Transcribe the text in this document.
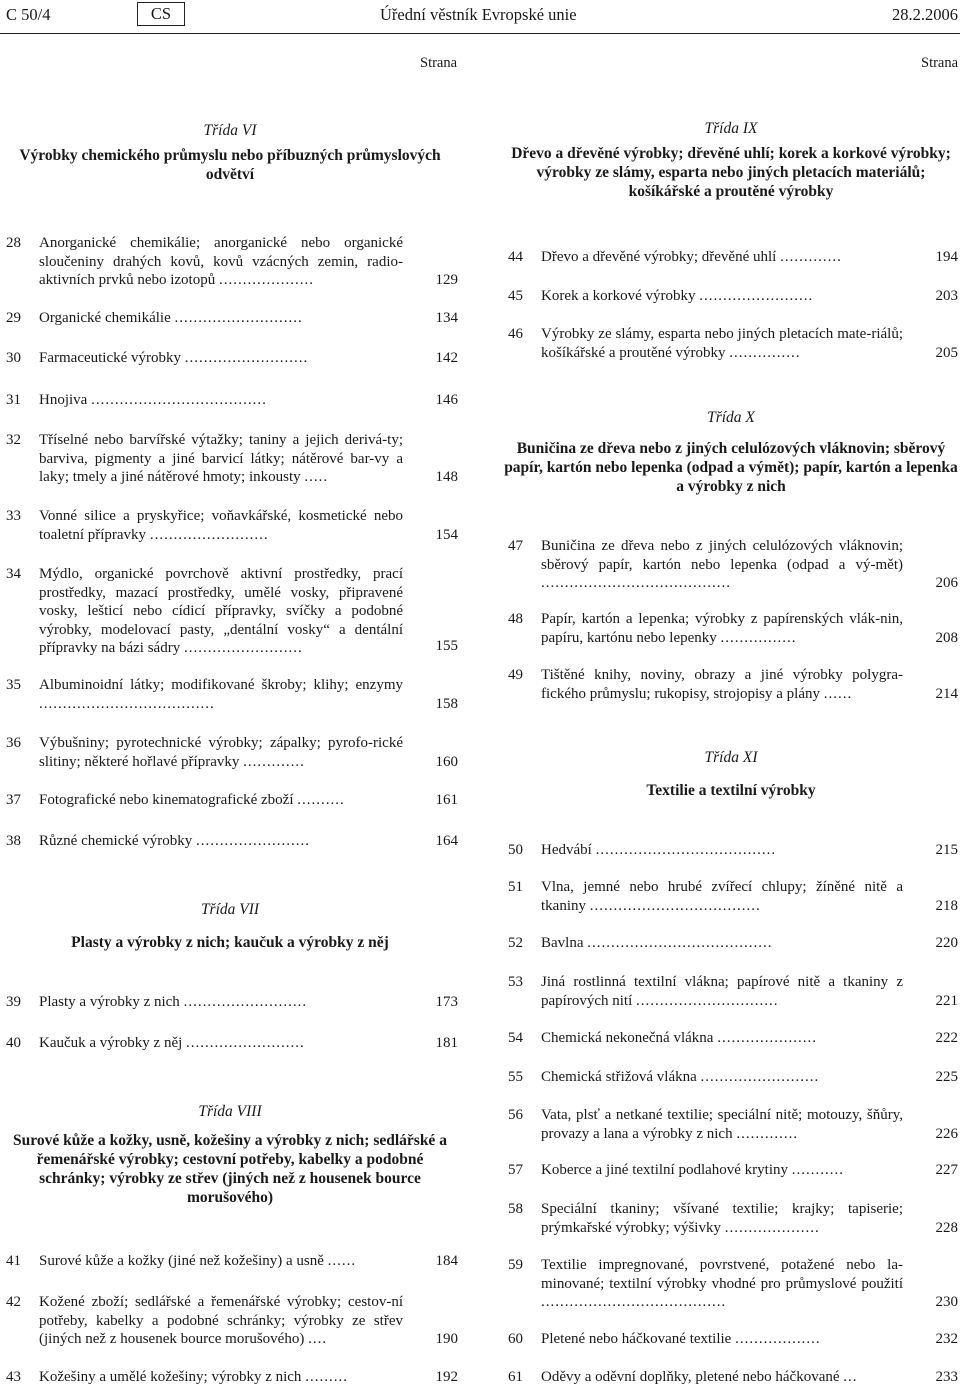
C 50/4	CS	Úřední věstník Evropské unie	28.2.2006
Strana	Strana
Třída VI
Výrobky chemického průmyslu nebo příbuzných průmyslových odvětví
28 Anorganické chemikálie; anorganické nebo organické sloučeniny drahých kovů, kovů vzácných zemin, radio-aktivních prvků nebo izotopů ....................	129
29 Organické chemikálie ...........................	134
30 Farmaceutické výrobky ..........................	142
31 Hnojiva .....................................	146
32 Tříselné nebo barvířské výtažky; taniny a jejich derivá-ty; barviva, pigmenty a jiné barvicí látky; nátěrové bar-vy a laky; tmely a jiné nátěrové hmoty; inkousty .....	148
33 Vonné silice a pryskyřice; voňavkářské, kosmetické nebo toaletní přípravky .........................	154
34 Mýdlo, organické povrchově aktivní prostředky, prací prostředky, mazací prostředky, umělé vosky, připravené vosky, lešticí nebo cídicí přípravky, svíčky a podobné výrobky, modelovací pasty, „dentální vosky“ a dentální přípravky na bázi sádry .........................	155
35 Albuminoidní látky; modifikované škroby; klihy; enzymy .....................................	158
36 Výbušniny; pyrotechnické výrobky; zápalky; pyrofo-rické slitiny; některé hořlavé přípravky .............	160
37 Fotografické nebo kinematografické zboží ..........	161
38 Různé chemické výrobky ........................	164
Třída VII
Plasty a výrobky z nich; kaučuk a výrobky z něj
39 Plasty a výrobky z nich ..........................	173
40 Kaučuk a výrobky z něj .........................	181
Třída VIII
Surové kůže a kožky, usně, kožešiny a výrobky z nich; sedlářské a řemenářské výrobky; cestovní potřeby, kabelky a podobné schránky; výrobky ze střev (jiných než z housenek bource morušového)
41 Surové kůže a kožky (jiné než kožešiny) a usně ......	184
42 Kožené zboží; sedlářské a řemenářské výrobky; cestov-ní potřeby, kabelky a podobné schránky; výrobky ze střev (jiných než z housenek bource morušového) ....	190
43 Kožešiny a umělé kožešiny; výrobky z nich .........	192
Třída IX
Dřevo a dřevěné výrobky; dřevěné uhlí; korek a korkové výrobky; výrobky ze slámy, esparta nebo jiných pletacích materiálů; košíkářské a proutěné výrobky
44 Dřevo a dřevěné výrobky; dřevěné uhlí .............	194
45 Korek a korkové výrobky ........................	203
46 Výrobky ze slámy, esparta nebo jiných pletacích mate-riálů; košíkářské a proutěné výrobky ...............	205
Třída X
Buničina ze dřeva nebo z jiných celulózových vláknovin; sběrový papír, kartón nebo lepenka (odpad a výmět); papír, kartón a lepenka a výrobky z nich
47 Buničina ze dřeva nebo z jiných celulózových vláknovin; sběrový papír, kartón nebo lepenka (odpad a vý-mět) ........................................	206
48 Papír, kartón a lepenka; výrobky z papírenských vlák-nin, papíru, kartónu nebo lepenky ................	208
49 Tištěné knihy, noviny, obrazy a jiné výrobky polygra-fického průmyslu; rukopisy, strojopisy a plány ......	214
Třída XI
Textilie a textilní výrobky
50 Hedvábí ......................................	215
51 Vlna, jemné nebo hrubé zvířecí chlupy; žíněné nitě a tkaniny ....................................	218
52 Bavlna .......................................	220
53 Jiná rostlinná textilní vlákna; papírové nitě a tkaniny z papírových nití ..............................	221
54 Chemická nekonečná vlákna .....................	222
55 Chemická střižová vlákna .........................	225
56 Vata, plsť a netkané textilie; speciální nitě; motouzy, šňůry, provazy a lana a výrobky z nich .............	226
57 Koberce a jiné textilní podlahové krytiny ...........	227
58 Speciální tkaniny; všívané textilie; krajky; tapiserie; prýmkařské výrobky; výšivky ....................	228
59 Textilie impregnované, povrstvené, potažené nebo la-minované; textilní výrobky vhodné pro průmyslové použití .......................................	230
60 Pletené nebo háčkované textilie ..................	232
61 Oděvy a oděvní doplňky, pletené nebo háčkované ...	233
